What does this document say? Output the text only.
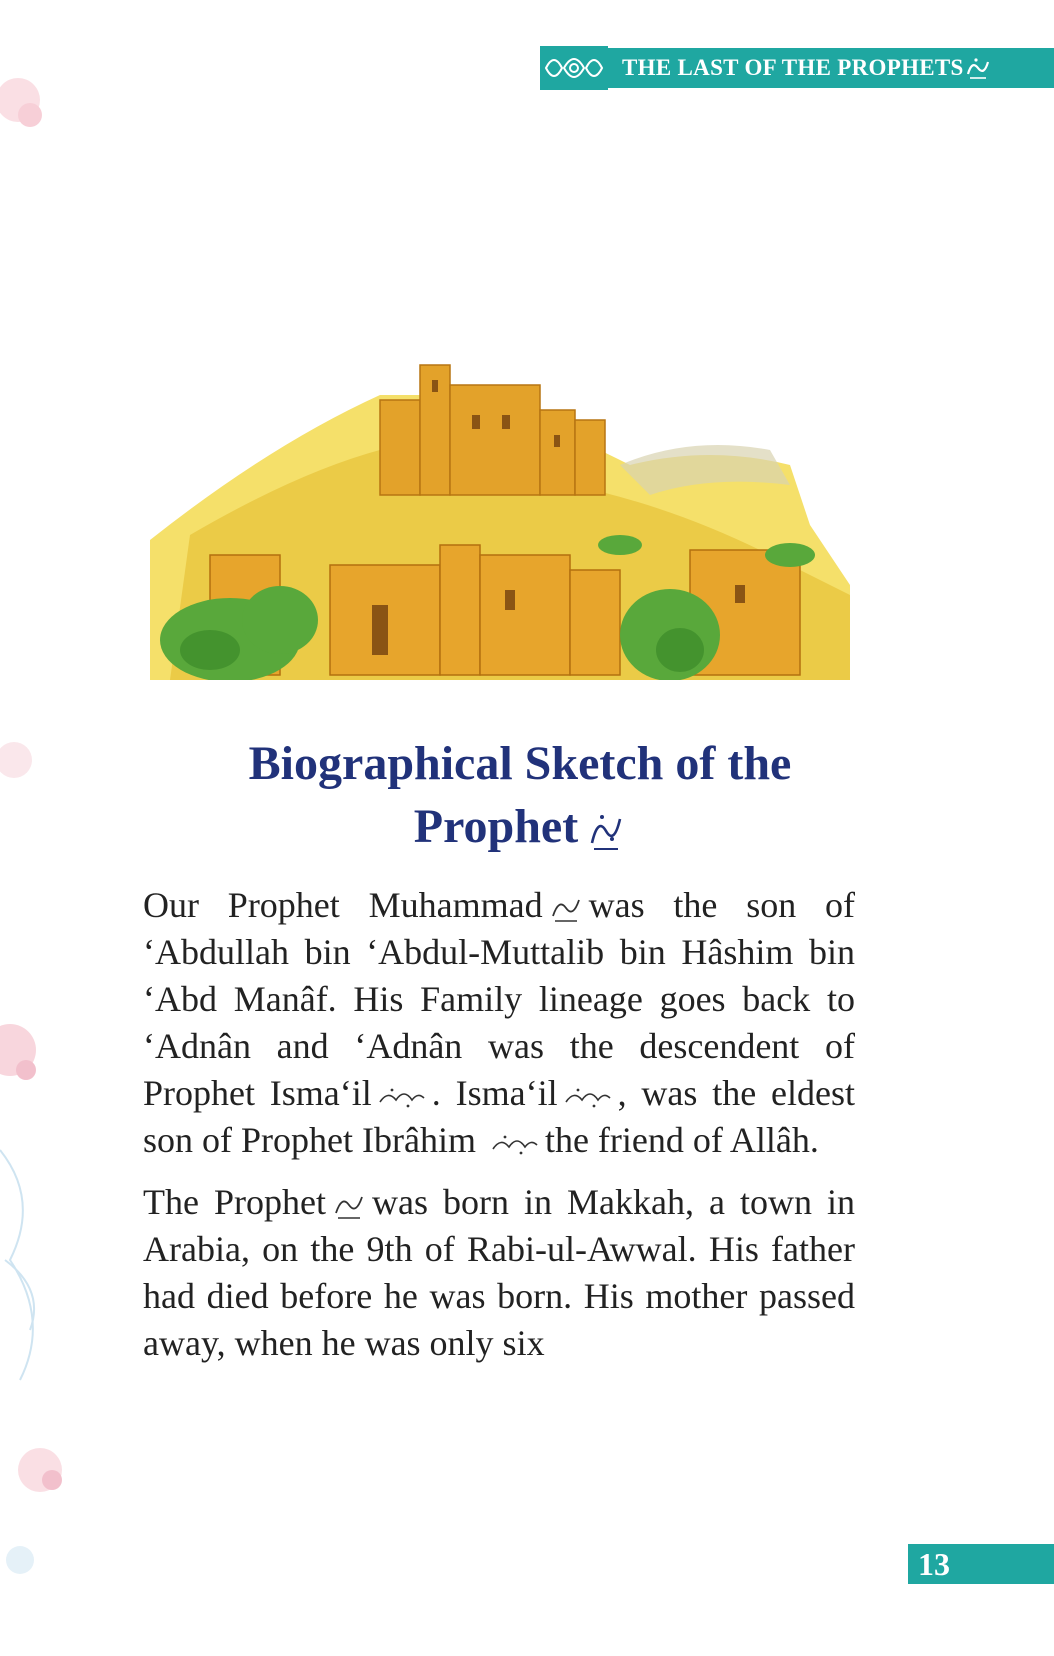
THE LAST OF THE PROPHETS
Biographical Sketch of the
Prophet

Our Prophet Muhammad was the son of ‘Abdullah bin ‘Abdul-Muttalib bin Hâshim bin ‘Abd Manâf. His Family lineage goes back to ‘Adnân and ‘Adnân was the descendent of Prophet Isma‘il . Isma‘il , was the eldest son of Prophet Ibrâhim the friend of Allâh.

The Prophet was born in Makkah, a town in Arabia, on the 9th of Rabi-ul-Awwal. His father had died before he was born. His mother passed away, when he was only six

13
